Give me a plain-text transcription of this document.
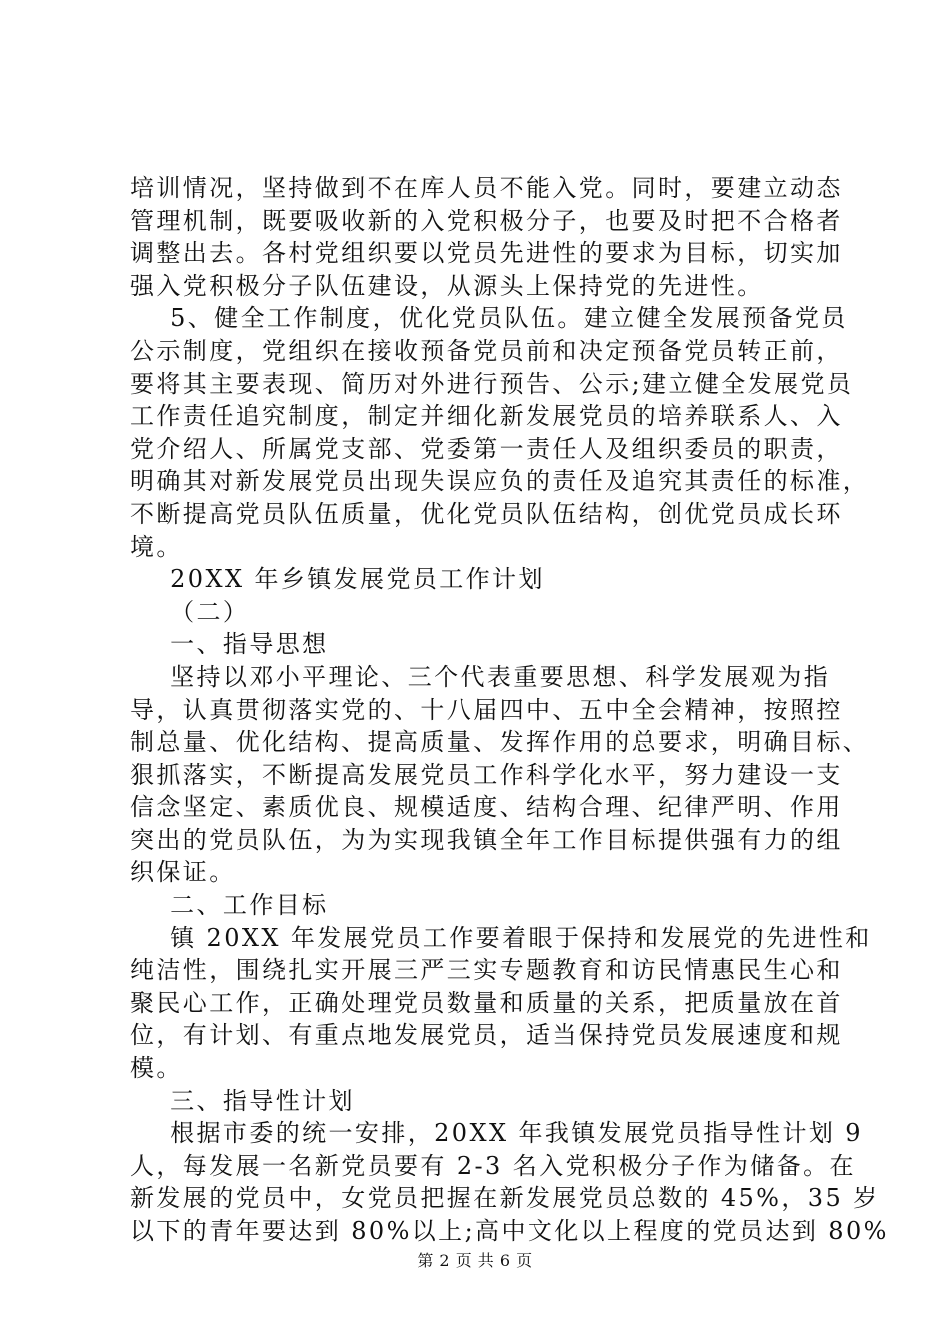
培训情况，坚持做到不在库人员不能入党。同时，要建立动态
管理机制，既要吸收新的入党积极分子，也要及时把不合格者
调整出去。各村党组织要以党员先进性的要求为目标，切实加
强入党积极分子队伍建设，从源头上保持党的先进性。
5、健全工作制度，优化党员队伍。建立健全发展预备党员
公示制度，党组织在接收预备党员前和决定预备党员转正前，
要将其主要表现、简历对外进行预告、公示;建立健全发展党员
工作责任追究制度，制定并细化新发展党员的培养联系人、入
党介绍人、所属党支部、党委第一责任人及组织委员的职责，
明确其对新发展党员出现失误应负的责任及追究其责任的标准，
不断提高党员队伍质量，优化党员队伍结构，创优党员成长环
境。
20XX 年乡镇发展党员工作计划
（二）
一、指导思想
坚持以邓小平理论、三个代表重要思想、科学发展观为指
导，认真贯彻落实党的、十八届四中、五中全会精神，按照控
制总量、优化结构、提高质量、发挥作用的总要求，明确目标、
狠抓落实，不断提高发展党员工作科学化水平，努力建设一支
信念坚定、素质优良、规模适度、结构合理、纪律严明、作用
突出的党员队伍，为为实现我镇全年工作目标提供强有力的组
织保证。
二、工作目标
镇 20XX 年发展党员工作要着眼于保持和发展党的先进性和
纯洁性，围绕扎实开展三严三实专题教育和访民情惠民生心和
聚民心工作，正确处理党员数量和质量的关系，把质量放在首
位，有计划、有重点地发展党员，适当保持党员发展速度和规
模。
三、指导性计划
根据市委的统一安排，20XX 年我镇发展党员指导性计划 9
人，每发展一名新党员要有 2-3 名入党积极分子作为储备。在
新发展的党员中，女党员把握在新发展党员总数的 45%，35 岁
以下的青年要达到 80%以上;高中文化以上程度的党员达到 80%
第 2 页 共 6 页
